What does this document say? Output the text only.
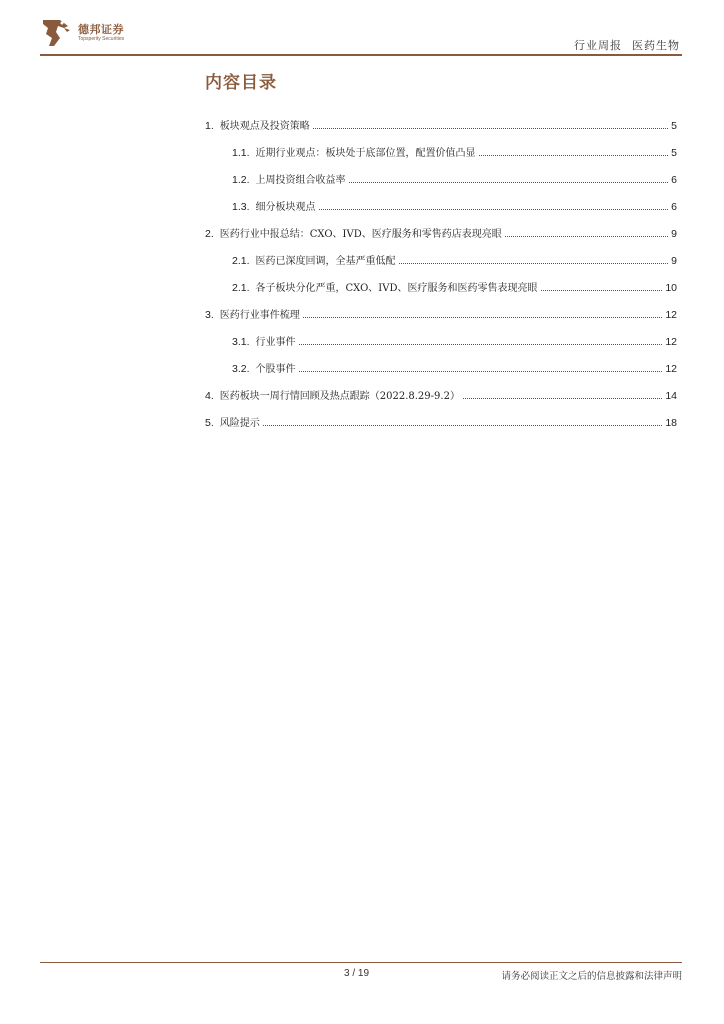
德邦证券
Topsperity Securities	行业周报 医药生物
内容目录
1. 板块观点及投资策略	5
1.1. 近期行业观点：板块处于底部位置，配置价值凸显	5
1.2. 上周投资组合收益率	6
1.3. 细分板块观点	6
2. 医药行业中报总结：CXO、IVD、医疗服务和零售药店表现亮眼	9
2.1. 医药已深度回调，全基严重低配	9
2.1. 各子板块分化严重，CXO、IVD、医疗服务和医药零售表现亮眼	10
3. 医药行业事件梳理	12
3.1. 行业事件	12
3.2. 个股事件	12
4. 医药板块一周行情回顾及热点跟踪（2022.8.29-9.2）	14
5. 风险提示	18
3 / 19	请务必阅读正文之后的信息披露和法律声明
